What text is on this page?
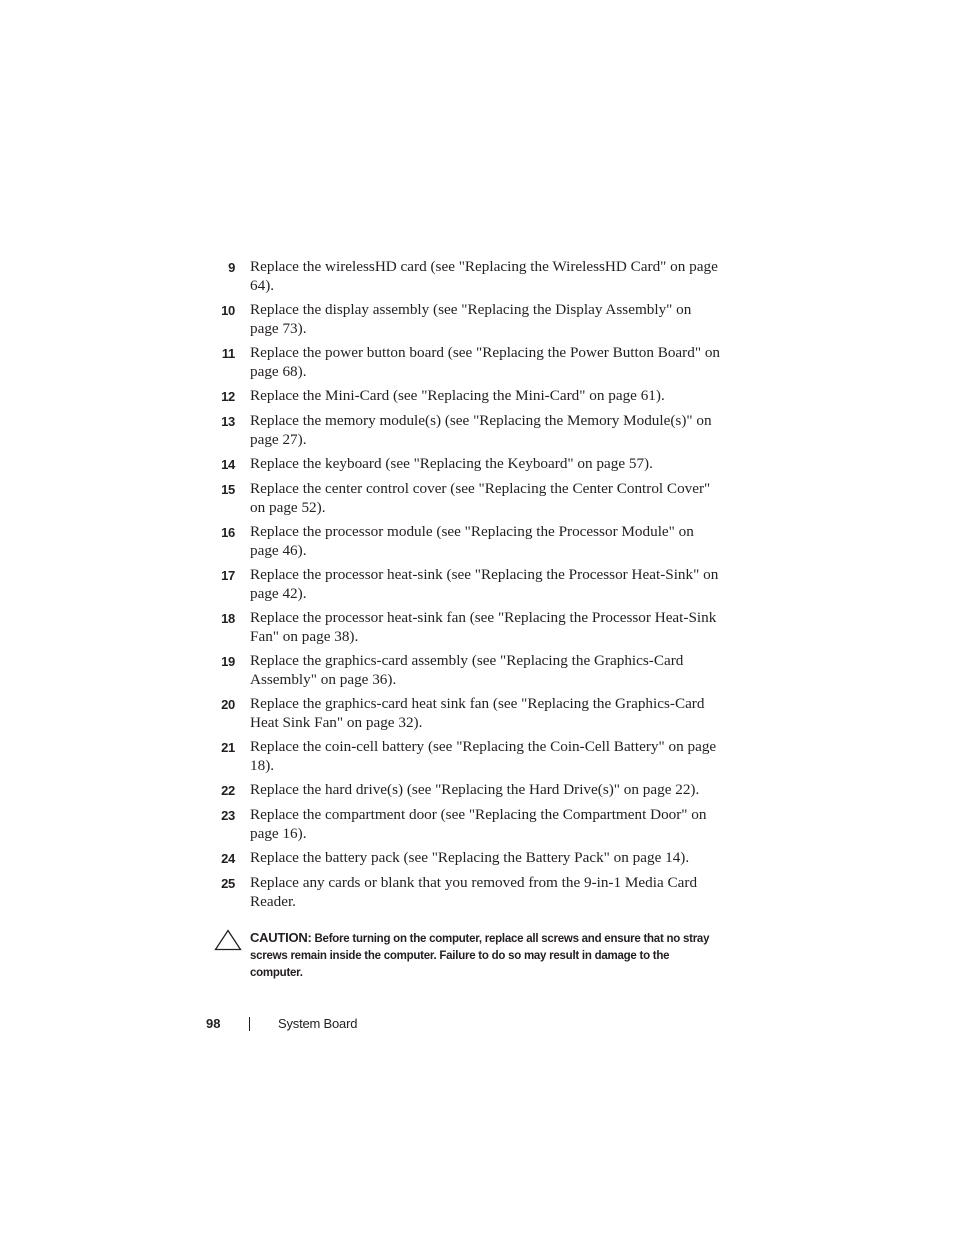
9 Replace the wirelessHD card (see "Replacing the WirelessHD Card" on page 64).
10 Replace the display assembly (see "Replacing the Display Assembly" on page 73).
11 Replace the power button board (see "Replacing the Power Button Board" on page 68).
12 Replace the Mini-Card (see "Replacing the Mini-Card" on page 61).
13 Replace the memory module(s) (see "Replacing the Memory Module(s)" on page 27).
14 Replace the keyboard (see "Replacing the Keyboard" on page 57).
15 Replace the center control cover (see "Replacing the Center Control Cover" on page 52).
16 Replace the processor module (see "Replacing the Processor Module" on page 46).
17 Replace the processor heat-sink (see "Replacing the Processor Heat-Sink" on page 42).
18 Replace the processor heat-sink fan (see "Replacing the Processor Heat-Sink Fan" on page 38).
19 Replace the graphics-card assembly (see "Replacing the Graphics-Card Assembly" on page 36).
20 Replace the graphics-card heat sink fan (see "Replacing the Graphics-Card Heat Sink Fan" on page 32).
21 Replace the coin-cell battery (see "Replacing the Coin-Cell Battery" on page 18).
22 Replace the hard drive(s) (see "Replacing the Hard Drive(s)" on page 22).
23 Replace the compartment door (see "Replacing the Compartment Door" on page 16).
24 Replace the battery pack (see "Replacing the Battery Pack" on page 14).
25 Replace any cards or blank that you removed from the 9-in-1 Media Card Reader.
CAUTION: Before turning on the computer, replace all screws and ensure that no stray screws remain inside the computer. Failure to do so may result in damage to the computer.
98	System Board
